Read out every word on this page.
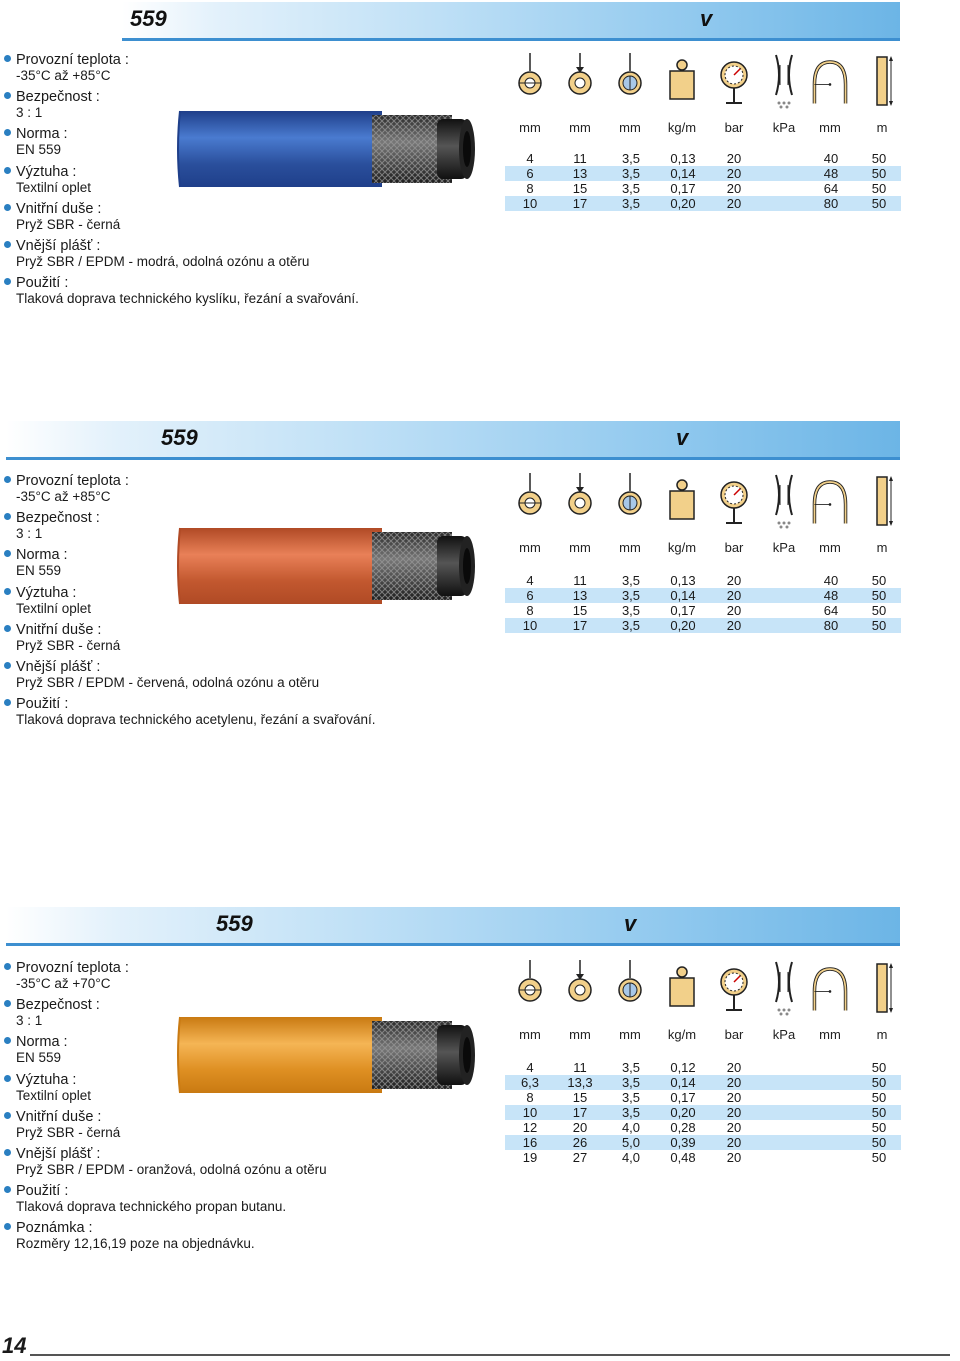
559	v
559	v
559	v
Provozní teplota :
-35°C až +85°C
Bezpečnost :
3 : 1
Norma :
EN 559
Výztuha :
Textilní oplet
Vnitřní duše :
Pryž SBR - černá
Vnější plášť :
Pryž SBR / EPDM - modrá, odolná ozónu a otěru
Použití :
Tlaková doprava technického kyslíku, řezání a svařování.
Provozní teplota :
-35°C až +85°C
Bezpečnost :
3 : 1
Norma :
EN 559
Výztuha :
Textilní oplet
Vnitřní duše :
Pryž SBR - černá
Vnější plášť :
Pryž SBR / EPDM - červená, odolná ozónu a otěru
Použití :
Tlaková doprava technického acetylenu, řezání a svařování.
Provozní teplota :
-35°C až +70°C
Bezpečnost :
3 : 1
Norma :
EN 559
Výztuha :
Textilní oplet
Vnitřní duše :
Pryž SBR - černá
Vnější plášť :
Pryž SBR / EPDM - oranžová, odolná ozónu a otěru
Použití :
Tlaková doprava technického propan butanu.
Poznámka :
Rozměry 12,16,19 poze na objednávku.
mm	mm	mm	kg/m	bar	kPa	mm	m
mm	mm	mm	kg/m	bar	kPa	mm	m
mm	mm	mm	kg/m	bar	kPa	mm	m
4	11	3,5	0,13	20		40	50
6	13	3,5	0,14	20		48	50
8	15	3,5	0,17	20		64	50
10	17	3,5	0,20	20		80	50
4	11	3,5	0,13	20		40	50
6	13	3,5	0,14	20		48	50
8	15	3,5	0,17	20		64	50
10	17	3,5	0,20	20		80	50
4	11	3,5	0,12	20			50
6,3	13,3	3,5	0,14	20			50
8	15	3,5	0,17	20			50
10	17	3,5	0,20	20			50
12	20	4,0	0,28	20			50
16	26	5,0	0,39	20			50
19	27	4,0	0,48	20			50
14
